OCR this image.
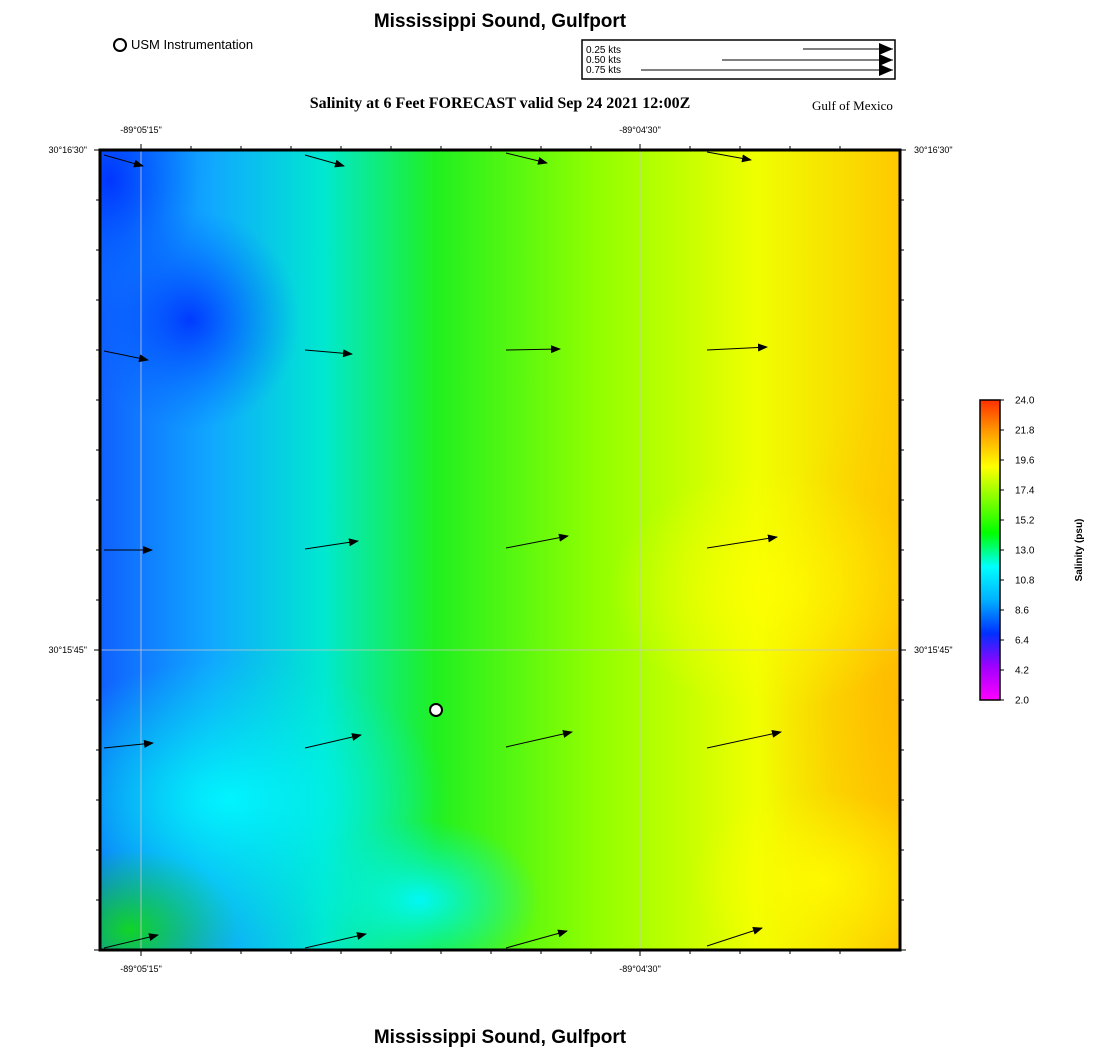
Mississippi Sound, Gulfport
USM Instrumentation
Salinity at 6 Feet FORECAST valid Sep 24 2021 12:00Z	Gulf of Mexico
Mississippi Sound, Gulfport
0.25 kts
0.50 kts
0.75 kts
-89°05'15"	-89°04'30"
-89°05'15"	-89°04'30"
30°16'30"
30°15'45"
30°16'30"
30°15'45"
24.0
21.8
19.6
17.4
15.2
13.0
10.8
8.6
6.4
4.2
2.0
Salinity (psu)
